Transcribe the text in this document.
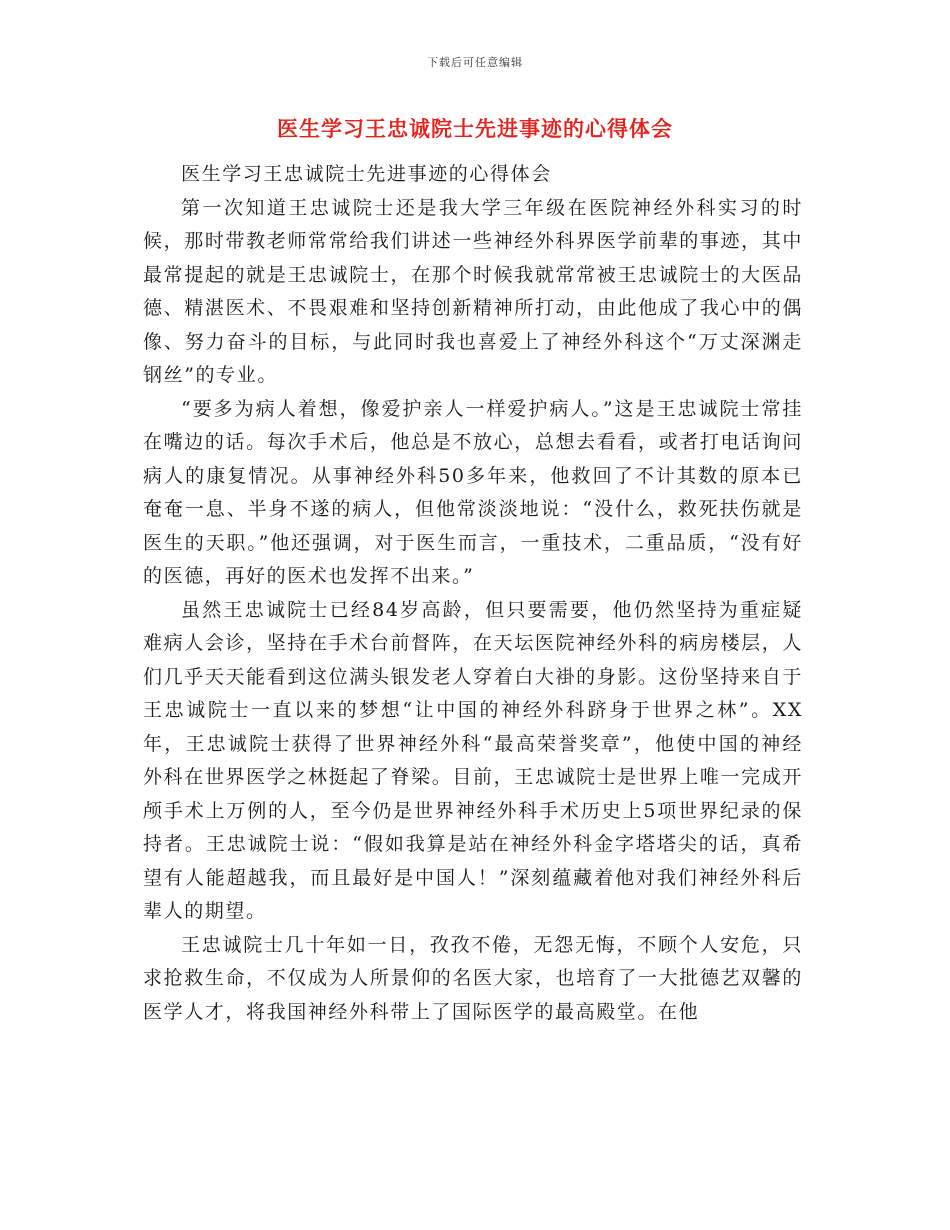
下载后可任意编辑
医生学习王忠诚院士先进事迹的心得体会

医生学习王忠诚院士先进事迹的心得体会

第一次知道王忠诚院士还是我大学三年级在医院神经外科实习的时候，那时带教老师常常给我们讲述一些神经外科界医学前辈的事迹，其中最常提起的就是王忠诚院士，在那个时候我就常常被王忠诚院士的大医品德、精湛医术、不畏艰难和坚持创新精神所打动，由此他成了我心中的偶像、努力奋斗的目标，与此同时我也喜爱上了神经外科这个“万丈深渊走钢丝”的专业。

“要多为病人着想，像爱护亲人一样爱护病人。”这是王忠诚院士常挂在嘴边的话。每次手术后，他总是不放心，总想去看看，或者打电话询问病人的康复情况。从事神经外科50多年来，他救回了不计其数的原本已奄奄一息、半身不遂的病人，但他常淡淡地说：“没什么，救死扶伤就是医生的天职。”他还强调，对于医生而言，一重技术，二重品质，“没有好的医德，再好的医术也发挥不出来。”

虽然王忠诚院士已经84岁高龄，但只要需要，他仍然坚持为重症疑难病人会诊，坚持在手术台前督阵，在天坛医院神经外科的病房楼层，人们几乎天天能看到这位满头银发老人穿着白大褂的身影。这份坚持来自于王忠诚院士一直以来的梦想“让中国的神经外科跻身于世界之林”。XX年，王忠诚院士获得了世界神经外科“最高荣誉奖章”，他使中国的神经外科在世界医学之林挺起了脊梁。目前，王忠诚院士是世界上唯一完成开颅手术上万例的人，至今仍是世界神经外科手术历史上5项世界纪录的保持者。王忠诚院士说：“假如我算是站在神经外科金字塔塔尖的话，真希望有人能超越我，而且最好是中国人！”深刻蕴藏着他对我们神经外科后辈人的期望。

王忠诚院士几十年如一日，孜孜不倦，无怨无悔，不顾个人安危，只求抢救生命，不仅成为人所景仰的名医大家，也培育了一大批德艺双馨的医学人才，将我国神经外科带上了国际医学的最高殿堂。在他
